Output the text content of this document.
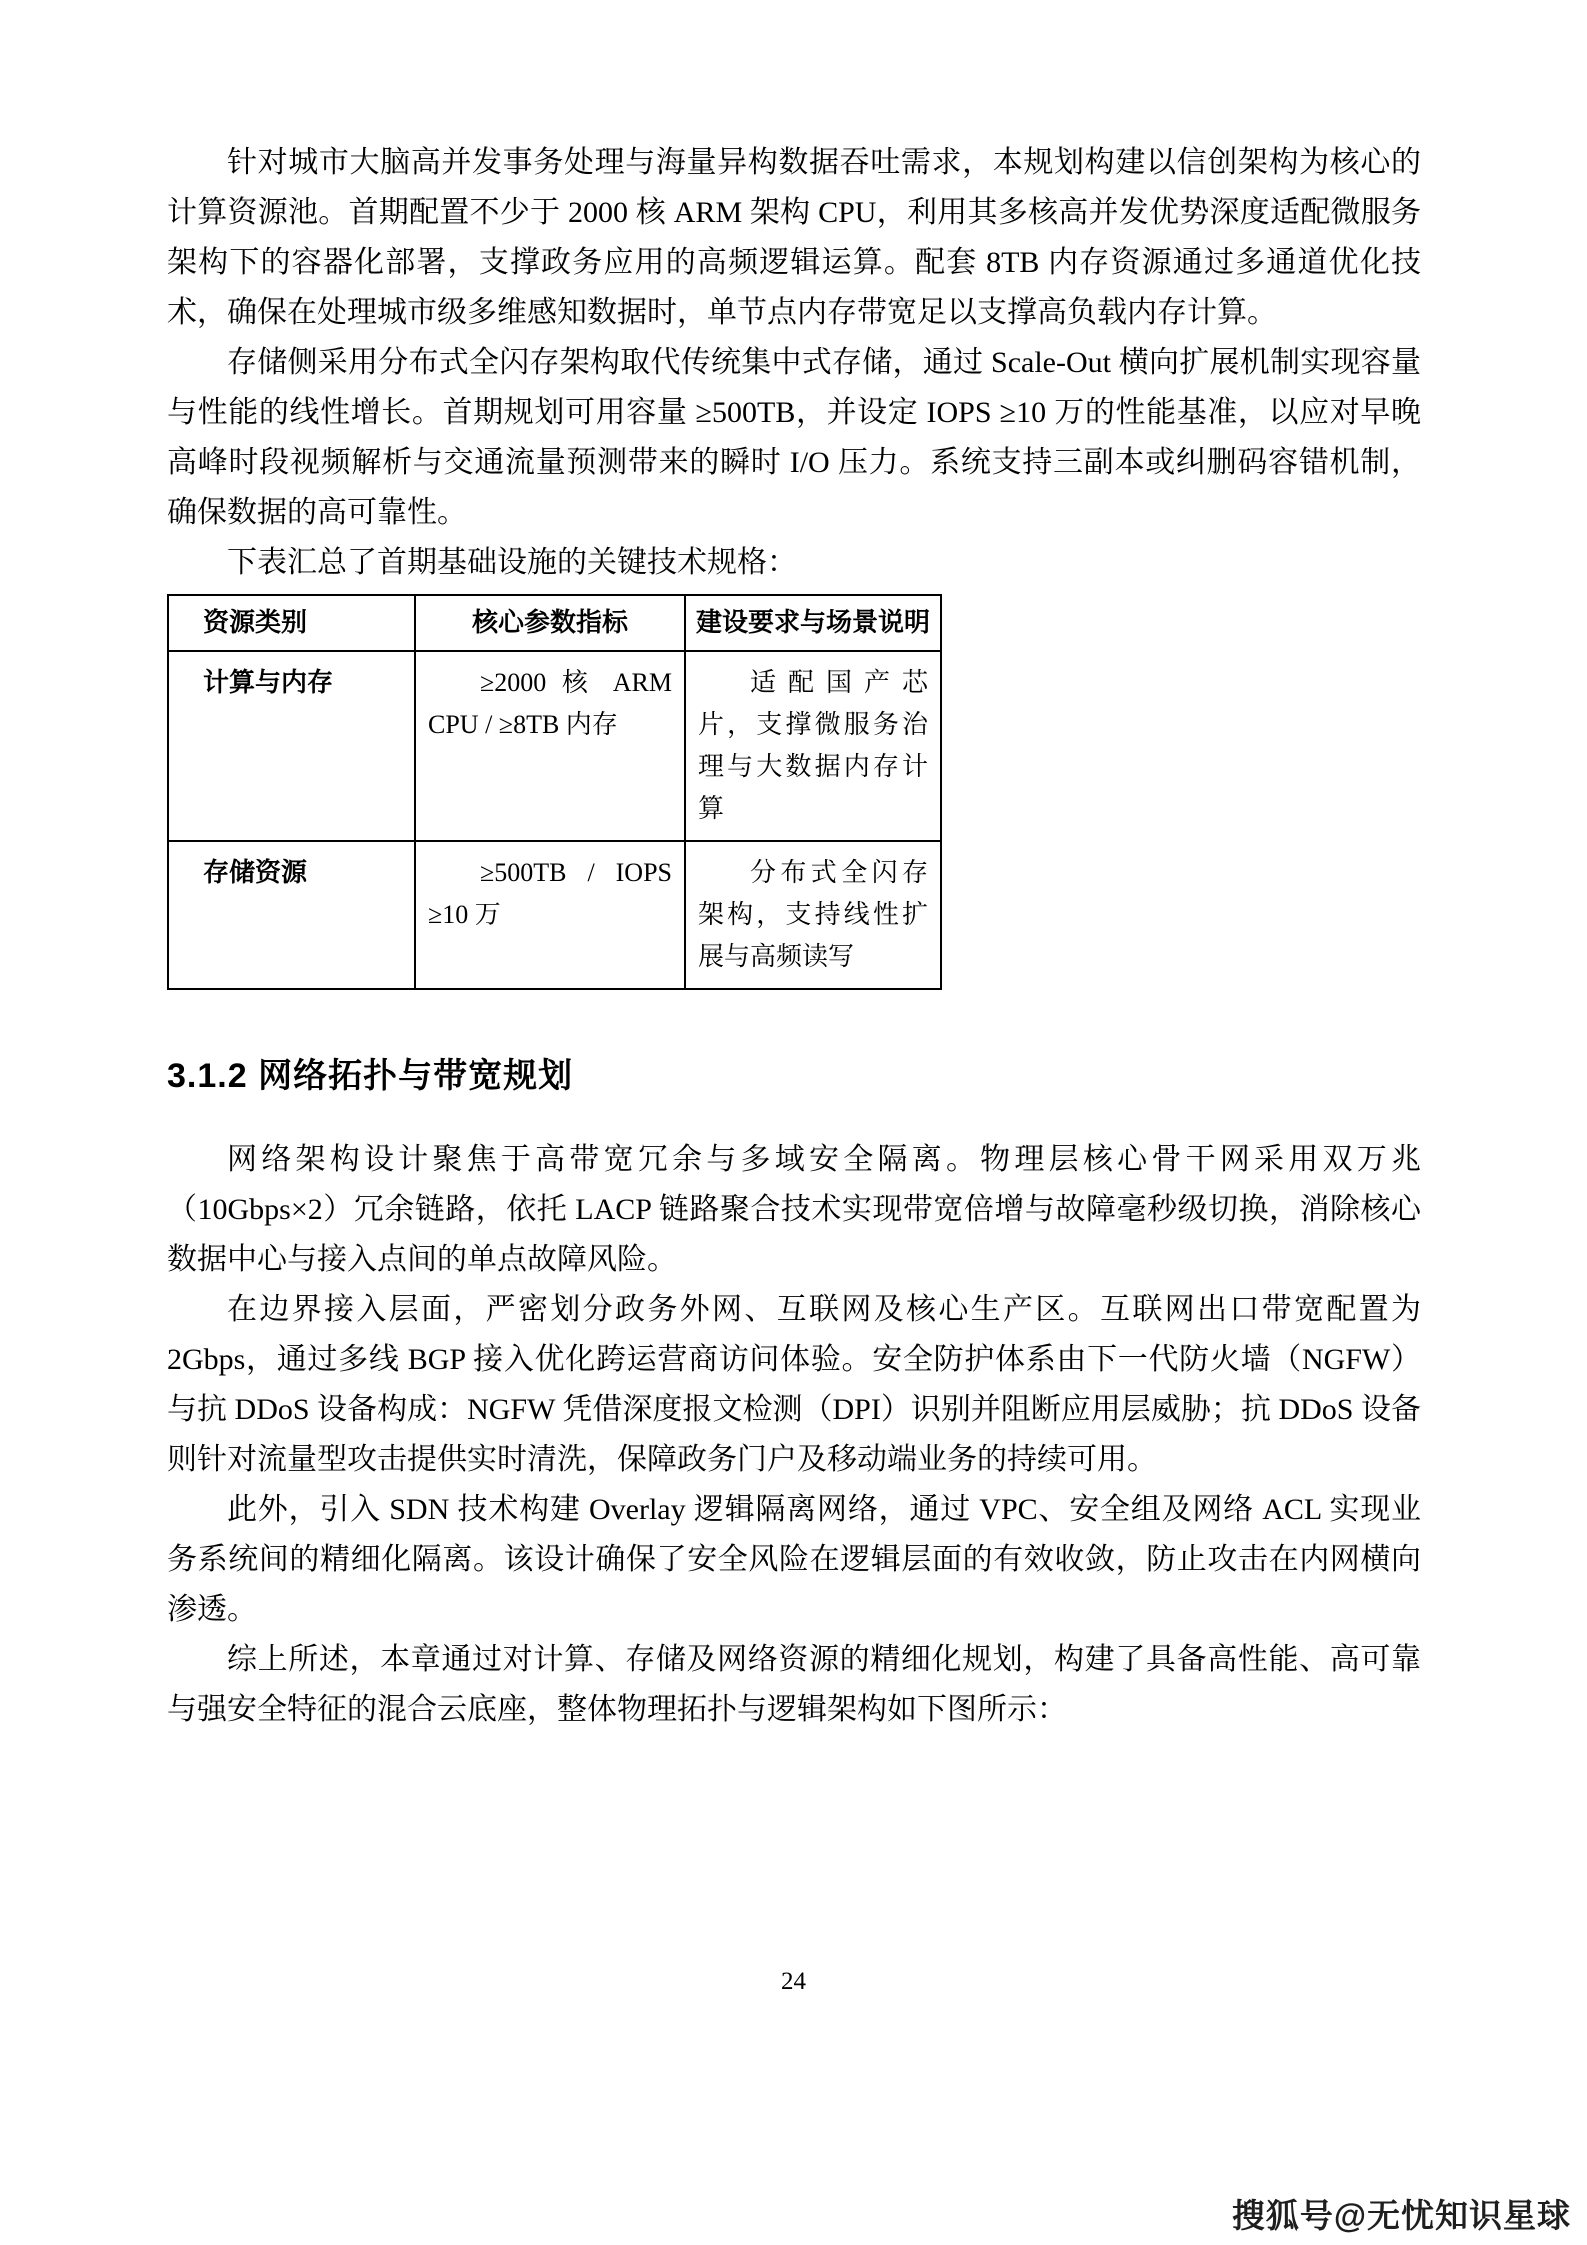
针对城市大脑高并发事务处理与海量异构数据吞吐需求，本规划构建以信创架构为核心的计算资源池。首期配置不少于 2000 核 ARM 架构 CPU，利用其多核高并发优势深度适配微服务架构下的容器化部署，支撑政务应用的高频逻辑运算。配套 8TB 内存资源通过多通道优化技术，确保在处理城市级多维感知数据时，单节点内存带宽足以支撑高负载内存计算。

存储侧采用分布式全闪存架构取代传统集中式存储，通过 Scale-Out 横向扩展机制实现容量与性能的线性增长。首期规划可用容量 ≥500TB，并设定 IOPS ≥10 万的性能基准，以应对早晚高峰时段视频解析与交通流量预测带来的瞬时 I/O 压力。系统支持三副本或纠删码容错机制，确保数据的高可靠性。

下表汇总了首期基础设施的关键技术规格：

资源类别	核心参数指标	建设要求与场景说明
计算与内存	≥2000 核 ARM CPU / ≥8TB 内存	适配国产芯片，支撑微服务治理与大数据内存计算
存储资源	≥500TB / IOPS ≥10 万	分布式全闪存架构，支持线性扩展与高频读写
3.1.2 网络拓扑与带宽规划

网络架构设计聚焦于高带宽冗余与多域安全隔离。物理层核心骨干网采用双万兆（10Gbps×2）冗余链路，依托 LACP 链路聚合技术实现带宽倍增与故障毫秒级切换，消除核心数据中心与接入点间的单点故障风险。

在边界接入层面，严密划分政务外网、互联网及核心生产区。互联网出口带宽配置为 2Gbps，通过多线 BGP 接入优化跨运营商访问体验。安全防护体系由下一代防火墙（NGFW）与抗 DDoS 设备构成：NGFW 凭借深度报文检测（DPI）识别并阻断应用层威胁；抗 DDoS 设备则针对流量型攻击提供实时清洗，保障政务门户及移动端业务的持续可用。

此外，引入 SDN 技术构建 Overlay 逻辑隔离网络，通过 VPC、安全组及网络 ACL 实现业务系统间的精细化隔离。该设计确保了安全风险在逻辑层面的有效收敛，防止攻击在内网横向渗透。

综上所述，本章通过对计算、存储及网络资源的精细化规划，构建了具备高性能、高可靠与强安全特征的混合云底座，整体物理拓扑与逻辑架构如下图所示：

24
搜狐号@无忧知识星球
